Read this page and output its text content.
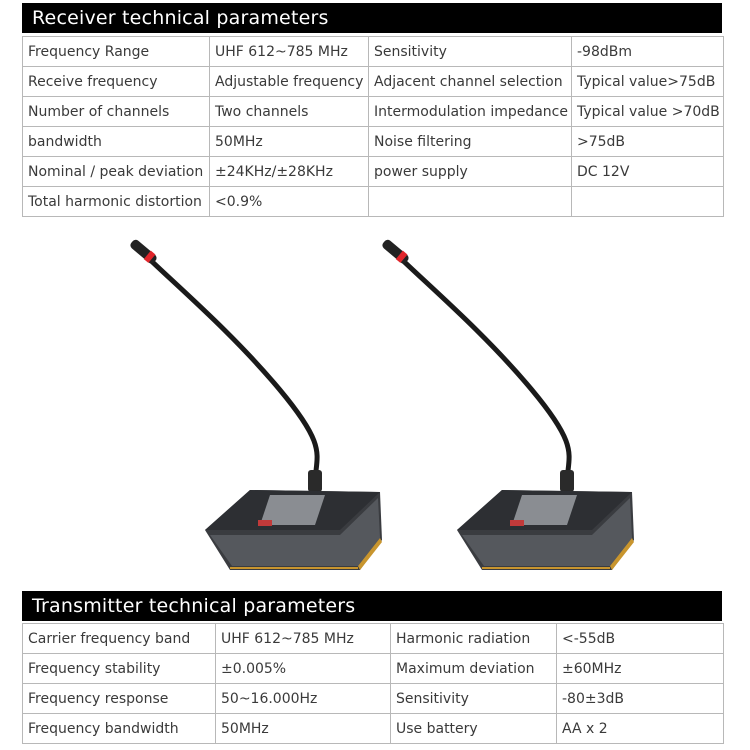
Receiver technical parameters
Frequency Range	UHF 612~785 MHz	Sensitivity	-98dBm
Receive frequency	Adjustable frequency	Adjacent channel selection	Typical value>75dB
Number of channels	Two channels	Intermodulation impedance	Typical value >70dB
bandwidth	50MHz	Noise filtering	>75dB
Nominal / peak deviation	±24KHz/±28KHz	power supply	DC 12V
Total harmonic distortion	<0.9%		
Transmitter technical parameters
Carrier frequency band	UHF 612~785 MHz	Harmonic radiation	<-55dB
Frequency stability	±0.005%	Maximum deviation	±60MHz
Frequency response	50~16.000Hz	Sensitivity	-80±3dB
Frequency bandwidth	50MHz	Use battery	AA x 2
